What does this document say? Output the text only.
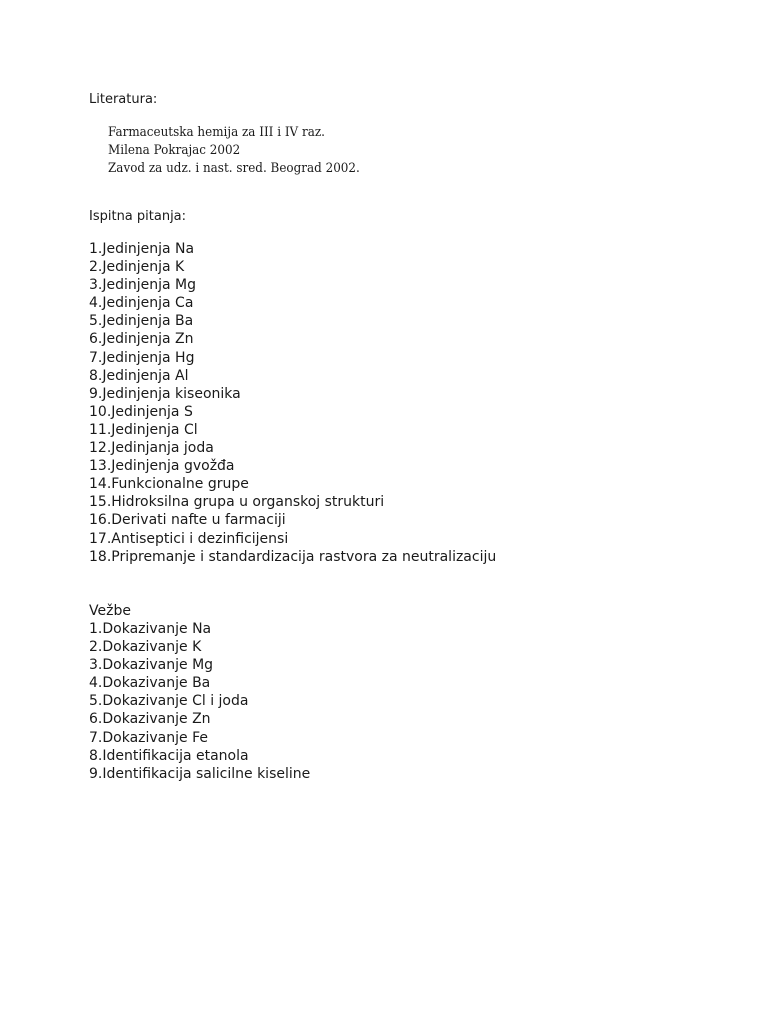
Literatura:
Farmaceutska hemija za III i IV raz.
Milena Pokrajac 2002
Zavod za udz. i nast. sred. Beograd 2002.
Ispitna pitanja:
1.Jedinjenja Na
2.Jedinjenja K
3.Jedinjenja Mg
4.Jedinjenja Ca
5.Jedinjenja Ba
6.Jedinjenja Zn
7.Jedinjenja Hg
8.Jedinjenja Al
9.Jedinjenja kiseonika
10.Jedinjenja S
11.Jedinjenja Cl
12.Jedinjanja joda
13.Jedinjenja gvožđa
14.Funkcionalne grupe
15.Hidroksilna grupa u organskoj strukturi
16.Derivati nafte u farmaciji
17.Antiseptici i dezinficijensi
18.Pripremanje i standardizacija rastvora za neutralizaciju
Vežbe
1.Dokazivanje Na
2.Dokazivanje K
3.Dokazivanje Mg
4.Dokazivanje Ba
5.Dokazivanje Cl i joda
6.Dokazivanje Zn
7.Dokazivanje Fe
8.Identifikacija etanola
9.Identifikacija salicilne kiseline
